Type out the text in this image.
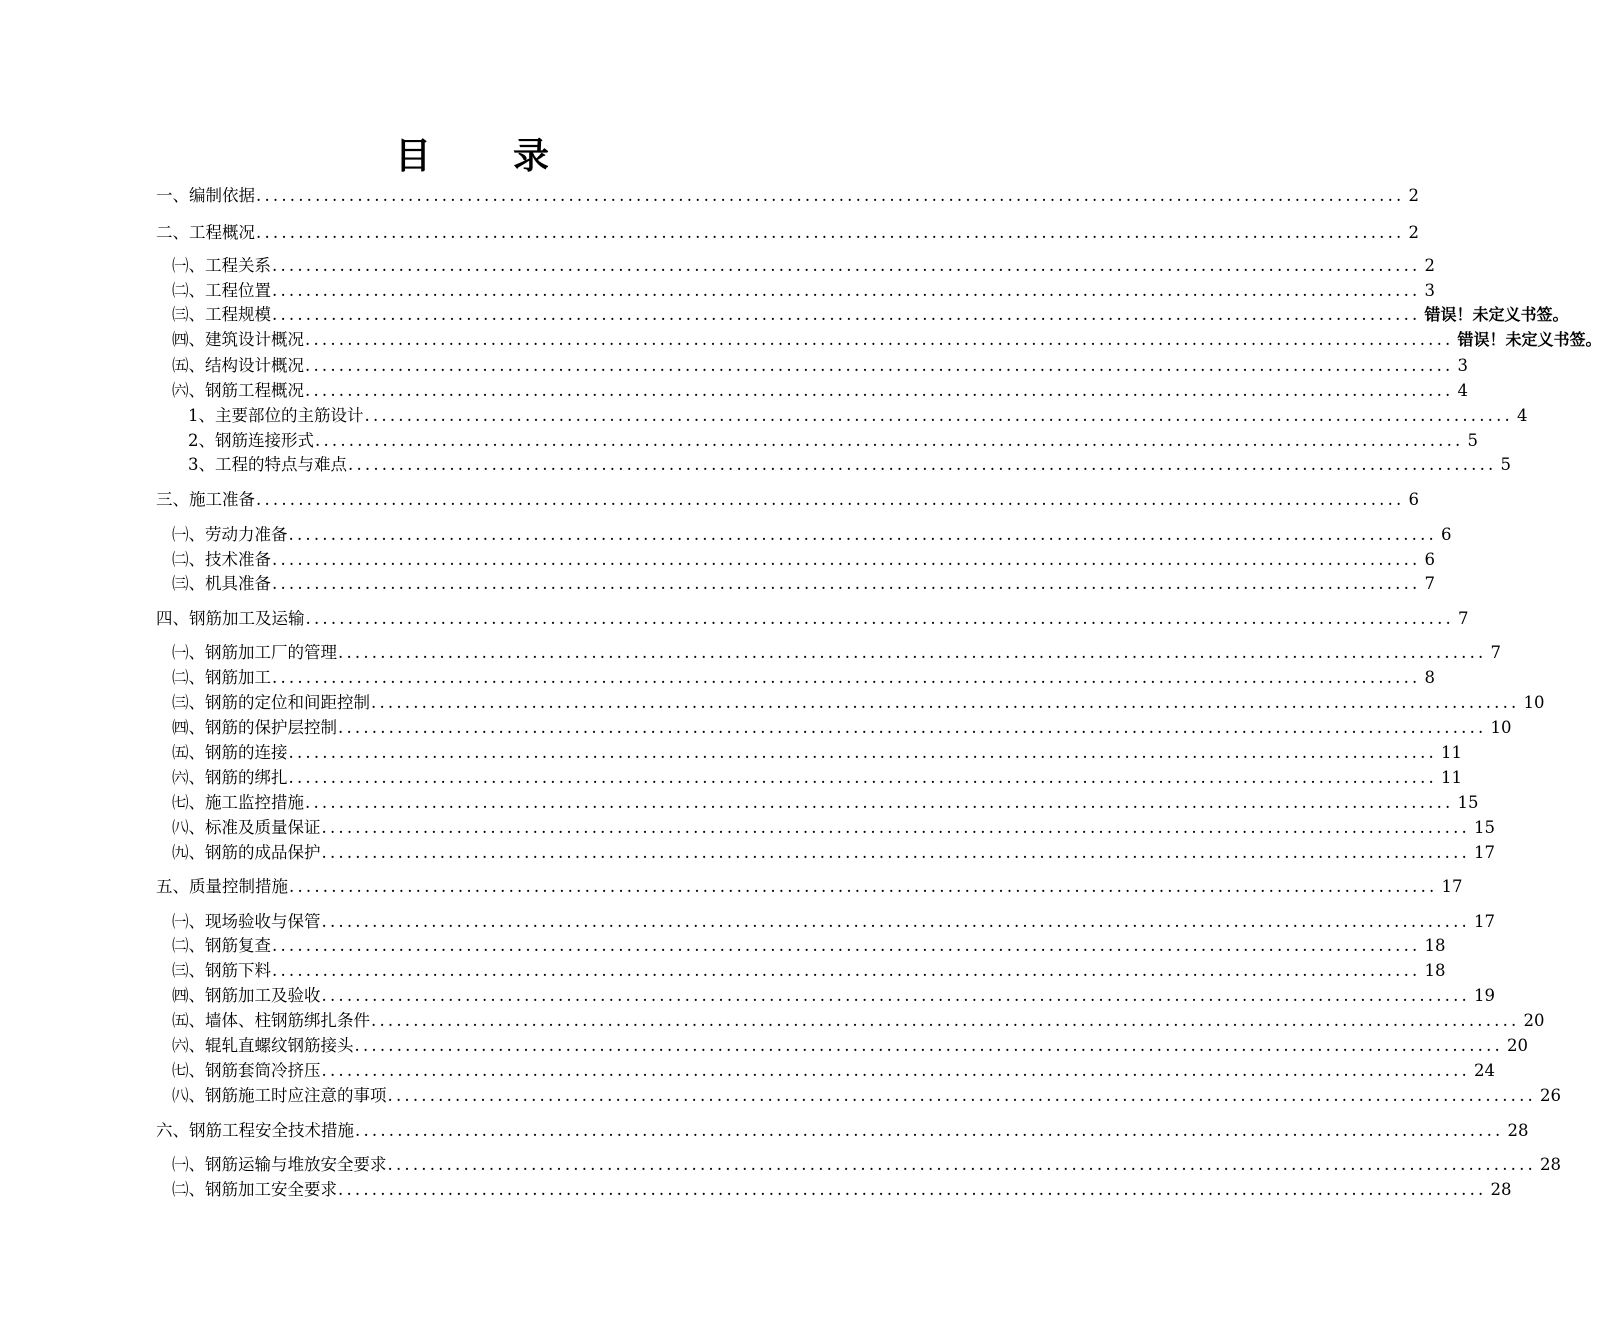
目 录
一、编制依据 ........................................................................................................................................ 2
二、工程概况 ........................................................................................................................................ 2
㈠、工程关系 ........................................................................................................................................ 2
㈡、工程位置 ........................................................................................................................................ 3
㈢、工程规模 ........................................................................................................................................ 错误！未定义书签。
㈣、建筑设计概况 ........................................................................................................................................ 错误！未定义书签。
㈤、结构设计概况 ........................................................................................................................................ 3
㈥、钢筋工程概况 ........................................................................................................................................ 4
1、主要部位的主筋设计 ........................................................................................................................................ 4
2、钢筋连接形式 ........................................................................................................................................ 5
3、工程的特点与难点 ........................................................................................................................................ 5
三、施工准备 ........................................................................................................................................ 6
㈠、劳动力准备 ........................................................................................................................................ 6
㈡、技术准备 ........................................................................................................................................ 6
㈢、机具准备 ........................................................................................................................................ 7
四、钢筋加工及运输 ........................................................................................................................................ 7
㈠、钢筋加工厂的管理 ........................................................................................................................................ 7
㈡、钢筋加工 ........................................................................................................................................ 8
㈢、钢筋的定位和间距控制 ........................................................................................................................................ 10
㈣、钢筋的保护层控制 ........................................................................................................................................ 10
㈤、钢筋的连接 ........................................................................................................................................ 11
㈥、钢筋的绑扎 ........................................................................................................................................ 11
㈦、施工监控措施 ........................................................................................................................................ 15
㈧、标准及质量保证 ........................................................................................................................................ 15
㈨、钢筋的成品保护 ........................................................................................................................................ 17
五、质量控制措施 ........................................................................................................................................ 17
㈠、现场验收与保管 ........................................................................................................................................ 17
㈡、钢筋复查 ........................................................................................................................................ 18
㈢、钢筋下料 ........................................................................................................................................ 18
㈣、钢筋加工及验收 ........................................................................................................................................ 19
㈤、墙体、柱钢筋绑扎条件 ........................................................................................................................................ 20
㈥、辊轧直螺纹钢筋接头 ........................................................................................................................................ 20
㈦、钢筋套筒冷挤压 ........................................................................................................................................ 24
㈧、钢筋施工时应注意的事项 ........................................................................................................................................ 26
六、钢筋工程安全技术措施 ........................................................................................................................................ 28
㈠、钢筋运输与堆放安全要求 ........................................................................................................................................ 28
㈡、钢筋加工安全要求 ........................................................................................................................................ 28
